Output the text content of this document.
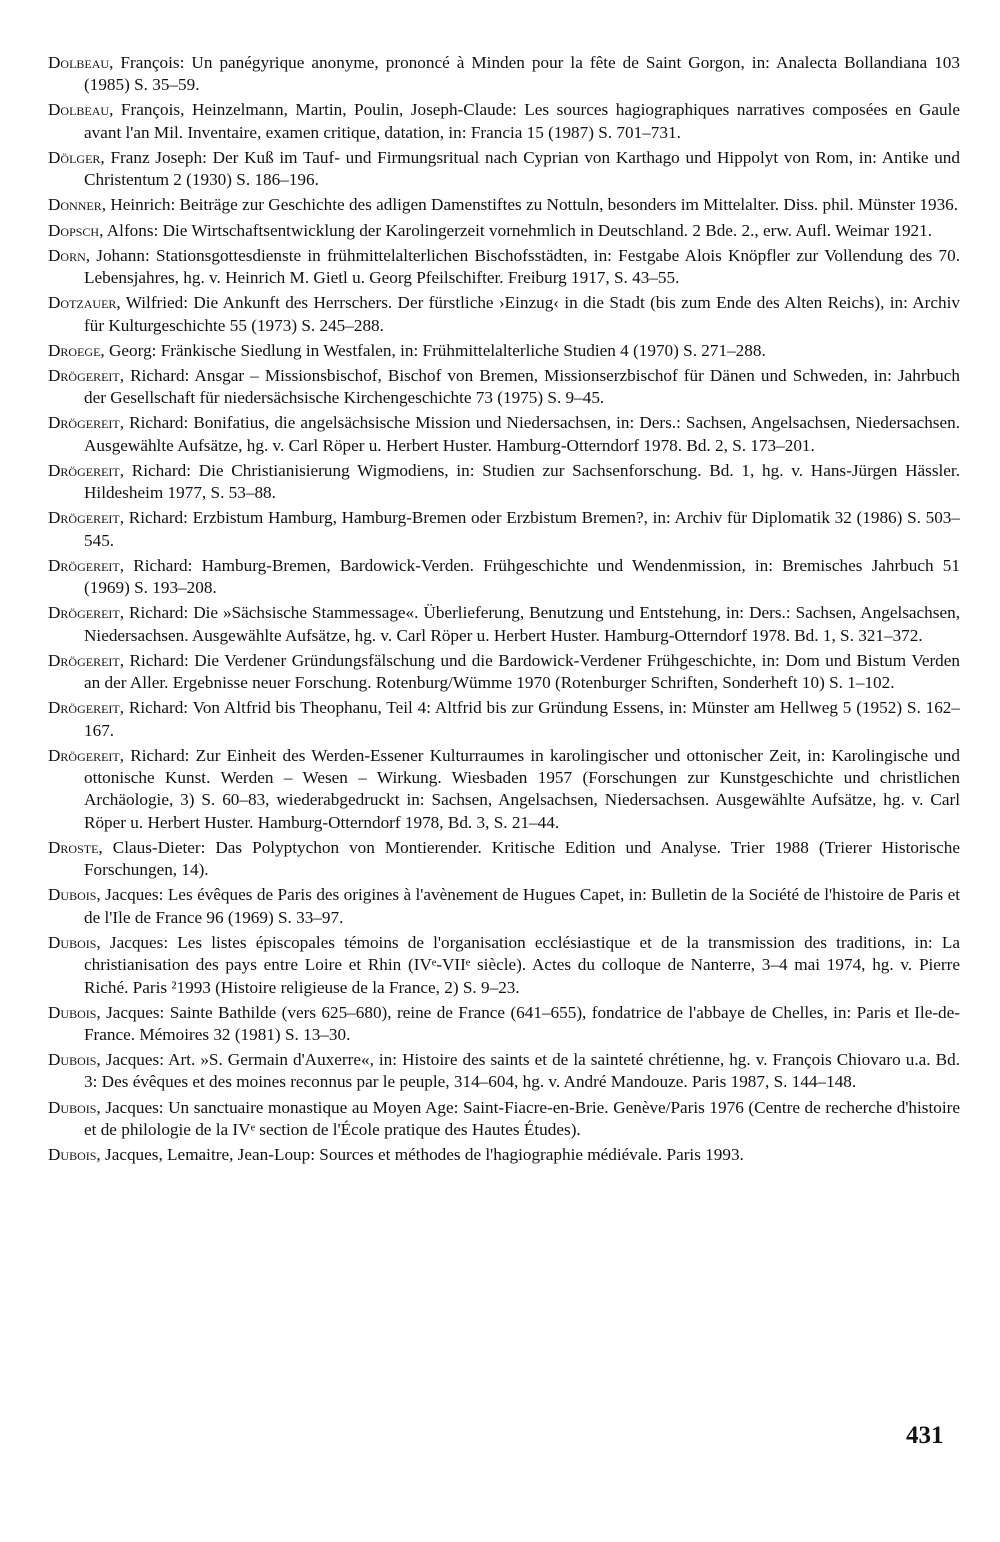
Dolbeau, François: Un panégyrique anonyme, prononcé à Minden pour la fête de Saint Gorgon, in: Analecta Bollandiana 103 (1985) S. 35–59.
Dolbeau, François, Heinzelmann, Martin, Poulin, Joseph-Claude: Les sources hagiographiques narratives composées en Gaule avant l'an Mil. Inventaire, examen critique, datation, in: Francia 15 (1987) S. 701–731.
Dölger, Franz Joseph: Der Kuß im Tauf- und Firmungsritual nach Cyprian von Karthago und Hippolyt von Rom, in: Antike und Christentum 2 (1930) S. 186–196.
Donner, Heinrich: Beiträge zur Geschichte des adligen Damenstiftes zu Nottuln, besonders im Mittelalter. Diss. phil. Münster 1936.
Dopsch, Alfons: Die Wirtschaftsentwicklung der Karolingerzeit vornehmlich in Deutschland. 2 Bde. 2., erw. Aufl. Weimar 1921.
Dorn, Johann: Stationsgottesdienste in frühmittelalterlichen Bischofsstädten, in: Festgabe Alois Knöpfler zur Vollendung des 70. Lebensjahres, hg. v. Heinrich M. Gietl u. Georg Pfeilschifter. Freiburg 1917, S. 43–55.
Dotzauer, Wilfried: Die Ankunft des Herrschers. Der fürstliche ›Einzug‹ in die Stadt (bis zum Ende des Alten Reichs), in: Archiv für Kulturgeschichte 55 (1973) S. 245–288.
Droege, Georg: Fränkische Siedlung in Westfalen, in: Frühmittelalterliche Studien 4 (1970) S. 271–288.
Drögereit, Richard: Ansgar – Missionsbischof, Bischof von Bremen, Missionserzbischof für Dänen und Schweden, in: Jahrbuch der Gesellschaft für niedersächsische Kirchengeschichte 73 (1975) S. 9–45.
Drögereit, Richard: Bonifatius, die angelsächsische Mission und Niedersachsen, in: Ders.: Sachsen, Angelsachsen, Niedersachsen. Ausgewählte Aufsätze, hg. v. Carl Röper u. Herbert Huster. Hamburg-Otterndorf 1978. Bd. 2, S. 173–201.
Drögereit, Richard: Die Christianisierung Wigmodiens, in: Studien zur Sachsenforschung. Bd. 1, hg. v. Hans-Jürgen Hässler. Hildesheim 1977, S. 53–88.
Drögereit, Richard: Erzbistum Hamburg, Hamburg-Bremen oder Erzbistum Bremen?, in: Archiv für Diplomatik 32 (1986) S. 503–545.
Drögereit, Richard: Hamburg-Bremen, Bardowick-Verden. Frühgeschichte und Wendenmission, in: Bremisches Jahrbuch 51 (1969) S. 193–208.
Drögereit, Richard: Die »Sächsische Stammessage«. Überlieferung, Benutzung und Entstehung, in: Ders.: Sachsen, Angelsachsen, Niedersachsen. Ausgewählte Aufsätze, hg. v. Carl Röper u. Herbert Huster. Hamburg-Otterndorf 1978. Bd. 1, S. 321–372.
Drögereit, Richard: Die Verdener Gründungsfälschung und die Bardowick-Verdener Frühgeschichte, in: Dom und Bistum Verden an der Aller. Ergebnisse neuer Forschung. Rotenburg/Wümme 1970 (Rotenburger Schriften, Sonderheft 10) S. 1–102.
Drögereit, Richard: Von Altfrid bis Theophanu, Teil 4: Altfrid bis zur Gründung Essens, in: Münster am Hellweg 5 (1952) S. 162–167.
Drögereit, Richard: Zur Einheit des Werden-Essener Kulturraumes in karolingischer und ottonischer Zeit, in: Karolingische und ottonische Kunst. Werden – Wesen – Wirkung. Wiesbaden 1957 (Forschungen zur Kunstgeschichte und christlichen Archäologie, 3) S. 60–83, wiederabgedruckt in: Sachsen, Angelsachsen, Niedersachsen. Ausgewählte Aufsätze, hg. v. Carl Röper u. Herbert Huster. Hamburg-Otterndorf 1978, Bd. 3, S. 21–44.
Droste, Claus-Dieter: Das Polyptychon von Montierender. Kritische Edition und Analyse. Trier 1988 (Trierer Historische Forschungen, 14).
Dubois, Jacques: Les évêques de Paris des origines à l'avènement de Hugues Capet, in: Bulletin de la Société de l'histoire de Paris et de l'Ile de France 96 (1969) S. 33–97.
Dubois, Jacques: Les listes épiscopales témoins de l'organisation ecclésiastique et de la transmission des traditions, in: La christianisation des pays entre Loire et Rhin (IVᵉ-VIIᵉ siècle). Actes du colloque de Nanterre, 3–4 mai 1974, hg. v. Pierre Riché. Paris ²1993 (Histoire religieuse de la France, 2) S. 9–23.
Dubois, Jacques: Sainte Bathilde (vers 625–680), reine de France (641–655), fondatrice de l'abbaye de Chelles, in: Paris et Ile-de-France. Mémoires 32 (1981) S. 13–30.
Dubois, Jacques: Art. »S. Germain d'Auxerre«, in: Histoire des saints et de la sainteté chrétienne, hg. v. François Chiovaro u.a. Bd. 3: Des évêques et des moines reconnus par le peuple, 314–604, hg. v. André Mandouze. Paris 1987, S. 144–148.
Dubois, Jacques: Un sanctuaire monastique au Moyen Age: Saint-Fiacre-en-Brie. Genève/Paris 1976 (Centre de recherche d'histoire et de philologie de la IVᵉ section de l'École pratique des Hautes Études).
Dubois, Jacques, Lemaitre, Jean-Loup: Sources et méthodes de l'hagiographie médiévale. Paris 1993.
431
